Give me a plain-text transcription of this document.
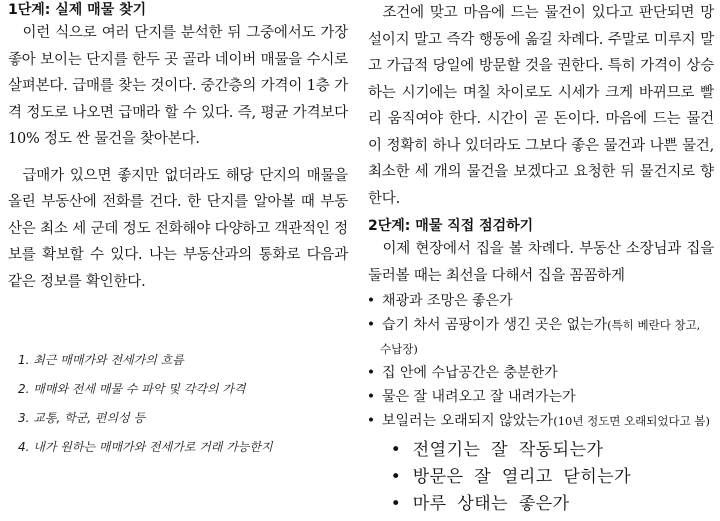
1단계: 실제 매물 찾기

이런 식으로 여러 단지를 분석한 뒤 그중에서도 가장 좋아 보이는 단지를 한두 곳 골라 네이버 매물을 수시로 살펴본다. 급매를 찾는 것이다. 중간층의 가격이 1층 가격 정도로 나오면 급매라 할 수 있다. 즉, 평균 가격보다 10% 정도 싼 물건을 찾아본다.

급매가 있으면 좋지만 없더라도 해당 단지의 매물을 올린 부동산에 전화를 건다. 한 단지를 알아볼 때 부동산은 최소 세 군데 정도 전화해야 다양하고 객관적인 정보를 확보할 수 있다. 나는 부동산과의 통화로 다음과 같은 정보를 확인한다.

1. 최근 매매가와 전세가의 흐름
2. 매매와 전세 매물 수 파악 및 각각의 가격
3. 교통, 학군, 편의성 등
4. 내가 원하는 매매가와 전세가로 거래 가능한지

조건에 맞고 마음에 드는 물건이 있다고 판단되면 망설이지 말고 즉각 행동에 옮길 차례다. 주말로 미루지 말고 가급적 당일에 방문할 것을 권한다. 특히 가격이 상승하는 시기에는 며칠 차이로도 시세가 크게 바뀌므로 빨리 움직여야 한다. 시간이 곧 돈이다. 마음에 드는 물건이 정확히 하나 있더라도 그보다 좋은 물건과 나쁜 물건, 최소한 세 개의 물건을 보겠다고 요청한 뒤 물건지로 향한다.

2단계: 매물 직접 점검하기

이제 현장에서 집을 볼 차례다. 부동산 소장님과 집을 둘러볼 때는 최선을 다해서 집을 꼼꼼하게

• 채광과 조망은 좋은가
• 습기 차서 곰팡이가 생긴 곳은 없는가(특히 베란다 창고, 수납장)
• 집 안에 수납공간은 충분한가
• 물은 잘 내려오고 잘 내려가는가
• 보일러는 오래되지 않았는가(10년 정도면 오래되었다고 봄)
• 전열기는 잘 작동되는가
• 방문은 잘 열리고 닫히는가
• 마루 상태는 좋은가
